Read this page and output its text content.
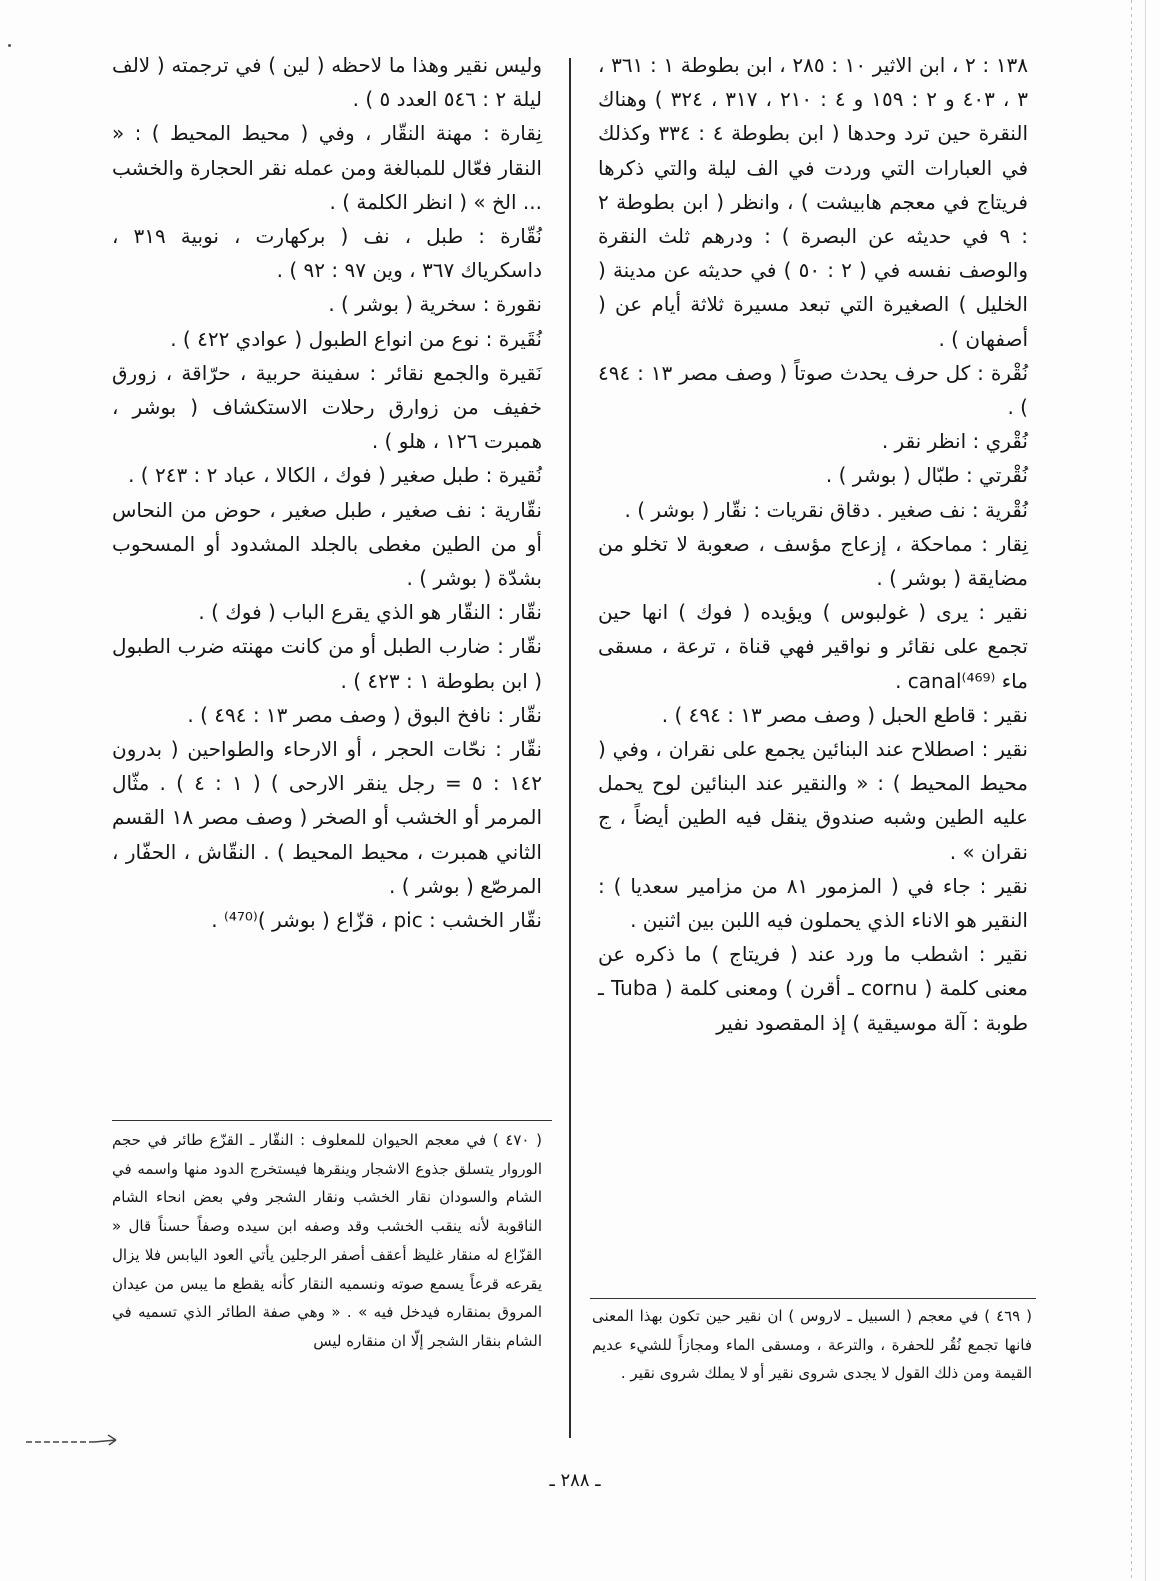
١٣٨ : ٢ ، ابن الاثير ١٠ : ٢٨٥ ، ابن بطوطة ١ : ٣٦١ ، ٣ ، ٤٠٣ و ٢ : ١٥٩ و ٤ : ٢١٠ ، ٣١٧ ، ٣٢٤ ) وهناك النقرة حين ترد وحدها ( ابن بطوطة ٤ : ٣٣٤ وكذلك في العبارات التي وردت في الف ليلة والتي ذكرها فريتاج في معجم هابيشت ) ، وانظر ( ابن بطوطة ٢ : ٩ في حديثه عن البصرة ) : ودرهم ثلث النقرة والوصف نفسه في ( ٢ : ٥٠ ) في حديثه عن مدينة ( الخليل ) الصغيرة التي تبعد مسيرة ثلاثة أيام عن ( أصفهان ) .

نُقْرة : كل حرف يحدث صوتاً ( وصف مصر ١٣ : ٤٩٤ ) .

نُقْري : انظر نقر .

نُقْرتي : طبّال ( بوشر ) .

نُقْرية : نف صغير . دقاق نقريات : نقّار ( بوشر ) .

نِقار : مماحكة ، إزعاج مؤسف ، صعوبة لا تخلو من مضايقة ( بوشر ) .

نقير : يرى ( غولبوس ) ويؤيده ( فوك ) انها حين تجمع على نقائر و نواقير فهي قناة ، ترعة ، مسقى ماء canal⁽⁴⁶⁹⁾ .

نقير : قاطع الحبل ( وصف مصر ١٣ : ٤٩٤ ) .

نقير : اصطلاح عند البنائين يجمع على نقران ، وفي ( محيط المحيط ) : « والنقير عند البنائين لوح يحمل عليه الطين وشبه صندوق ينقل فيه الطين أيضاً ، ج نقران » .

نقير : جاء في ( المزمور ٨١ من مزامير سعديا ) : النقير هو الاناء الذي يحملون فيه اللبن بين اثنين .

نقير : اشطب ما ورد عند ( فريتاج ) ما ذكره عن معنى كلمة ( cornu ـ أقرن ) ومعنى كلمة ( Tuba ـ طوبة : آلة موسيقية ) إذ المقصود نفير

وليس نقير وهذا ما لاحظه ( لين ) في ترجمته ( لالف ليلة ٢ : ٥٤٦ العدد ٥ ) .

نِقارة : مهنة النقّار ، وفي ( محيط المحيط ) : « النقار فعّال للمبالغة ومن عمله نقر الحجارة والخشب ... الخ » ( انظر الكلمة ) .

نُقّارة : طبل ، نف ( بركهارت ، نوبية ٣١٩ ، داسكرياك ٣٦٧ ، وين ٩٧ : ٩٢ ) .

نقورة : سخرية ( بوشر ) .

نُقَيرة : نوع من انواع الطبول ( عوادي ٤٢٢ ) .

نَقيرة والجمع نقائر : سفينة حربية ، حرّاقة ، زورق خفيف من زوارق رحلات الاستكشاف ( بوشر ، همبرت ١٢٦ ، هلو ) .

نُقيرة : طبل صغير ( فوك ، الكالا ، عباد ٢ : ٢٤٣ ) .

نقّارية : نف صغير ، طبل صغير ، حوض من النحاس أو من الطين مغطى بالجلد المشدود أو المسحوب بشدّة ( بوشر ) .

نقّار : النقّار هو الذي يقرع الباب ( فوك ) .

نقّار : ضارب الطبل أو من كانت مهنته ضرب الطبول ( ابن بطوطة ١ : ٤٢٣ ) .

نقّار : نافخ البوق ( وصف مصر ١٣ : ٤٩٤ ) .

نقّار : نحّات الحجر ، أو الارحاء والطواحين ( بدرون ١٤٢ : ٥ = رجل ينقر الارحى ) ( ١ : ٤ ) . مثّال المرمر أو الخشب أو الصخر ( وصف مصر ١٨ القسم الثاني همبرت ، محيط المحيط ) . النقّاش ، الحفّار ، المرصّع ( بوشر ) .

نقّار الخشب : pic ، قزّاع ( بوشر )⁽⁴⁷⁰⁾ .

( ٤٧٠ ) في معجم الحيوان للمعلوف : النقّار ـ القزّع طائر في حجم الوروار يتسلق جذوع الاشجار وينقرها فيستخرج الدود منها واسمه في الشام والسودان نقار الخشب ونقار الشجر وفي بعض انحاء الشام الناقوبة لأنه ينقب الخشب وقد وصفه ابن سيده وصفاً حسناً قال « القزّاع له منقار غليظ أعقف أصفر الرجلين يأتي العود اليابس فلا يزال يقرعه قرعاً يسمع صوته ونسميه النقار كأنه يقطع ما يبس من عيدان المروق بمنقاره فيدخل فيه » . « وهي صفة الطائر الذي تسميه في الشام بنقار الشجر إلّا ان منقاره ليس

( ٤٦٩ ) في معجم ( السبيل ـ لاروس ) ان نقير حين تكون بهذا المعنى فانها تجمع نُقُر للحفرة ، والترعة ، ومسقى الماء ومجازاً للشيء عديم القيمة ومن ذلك القول لا يجدى شروى نقير أو لا يملك شروى نقير .

ـ ٢٨٨ ـ
